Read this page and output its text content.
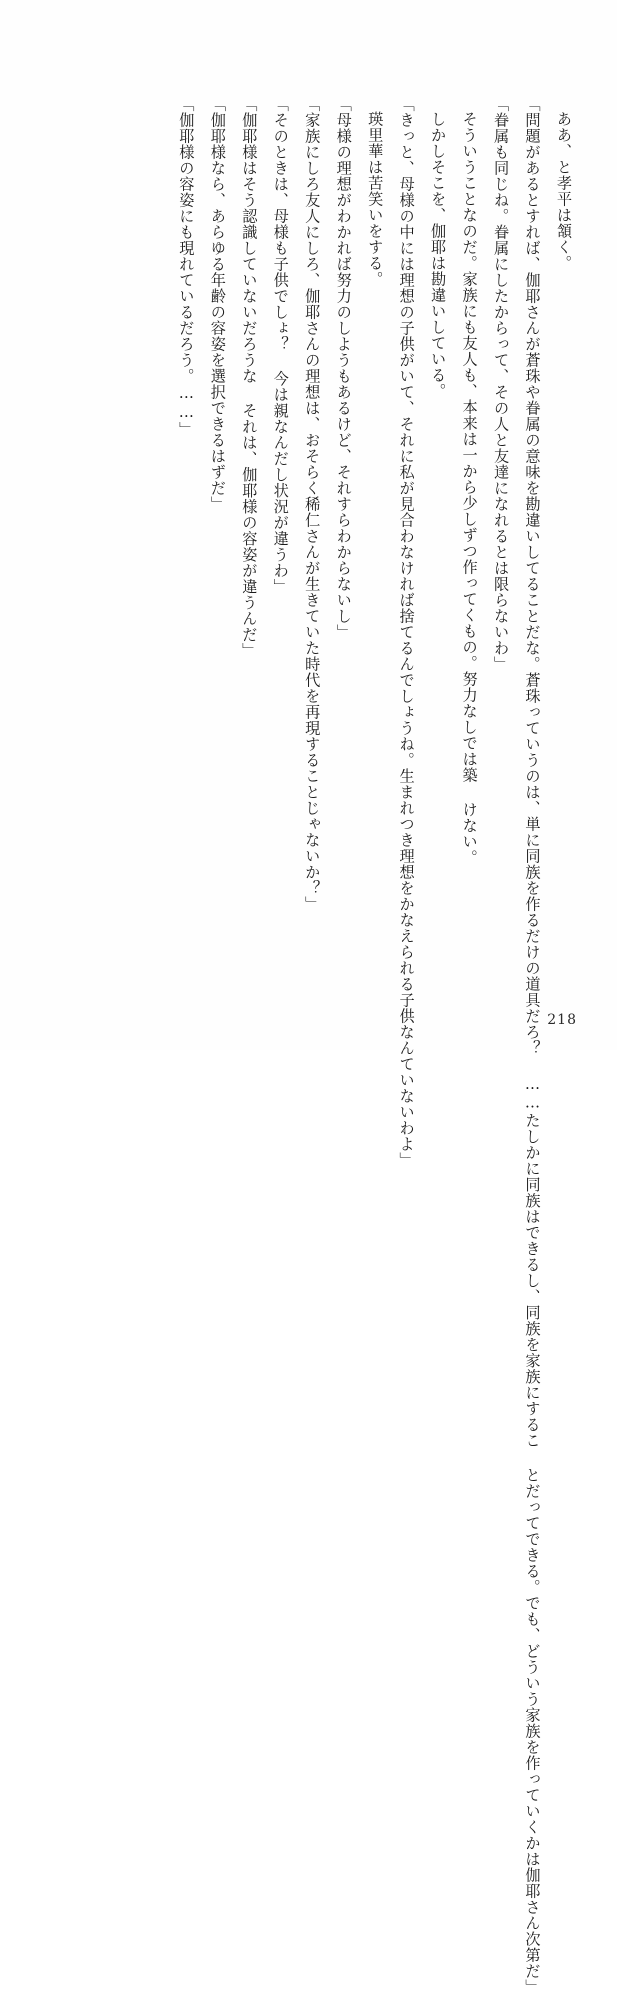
ああ、と孝平は頷く。

「問題があるとすれば、伽耶さんが蒼珠や眷属の意味を勘違いしてることだな。蒼珠っていうのは、単に同族を作るだけの道具だろ？ ……たしかに同族はできるし、同族を家族にするこ とだってできる。でも、どういう家族を作っていくかは伽耶さん次第だ」

「眷属も同じね。眷属にしたからって、その人と友達になれるとは限らないわ」

そういうことなのだ。家族にも友人も、本来は一から少しずつ作ってくもの。努力なしでは築 けない。

しかしそこを、伽耶は勘違いしている。

「きっと、母様の中には理想の子供がいて、それに私が見合わなければ捨てるんでしょうね。生まれつき理想をかなえられる子供なんていないわよ」

瑛里華は苦笑いをする。

「母様の理想がわかれば努力のしようもあるけど、それすらわからないし」

「家族にしろ友人にしろ、伽耶さんの理想は、おそらく稀仁さんが生きていた時代を再現することじゃないか？」

「そのときは、母様も子供でしょ？ 今は親なんだし状況が違うわ」

「伽耶様はそう認識していないだろうな それは、伽耶様の容姿が違うんだ」

「伽耶様なら、あらゆる年齢の容姿を選択できるはずだ」

「伽耶様の容姿にも現れているだろう。……」

218
